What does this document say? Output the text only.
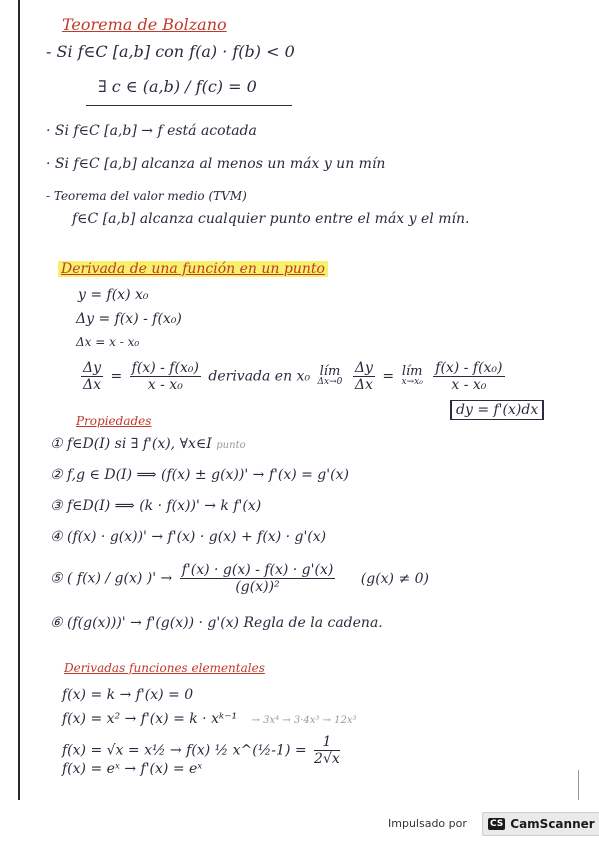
Teorema de Bolzano
- Si f∈C [a,b] con f(a) · f(b) < 0
∃ c ∈ (a,b) / f(c) = 0
· Si f∈C [a,b] → f está acotada
· Si f∈C [a,b] alcanza al menos un máx y un mín
- Teorema del valor medio (TVM)
f∈C [a,b] alcanza cualquier punto entre el máx y el mín.
Derivada de una función en un punto
y = f(x) x₀
Δy = f(x) - f(x₀)
Δx = x - x₀
$\frac{\Delta y}{\Delta x} = \frac{\text{f(x) - f(x₀)}}{\text{x - x₀}}$ derivada en x₀ lím
Δx→0
$\frac{\Delta y}{\Delta x}$ = lím
x→x₀
$\frac{\text{f(x) - f(x₀)}}{\text{x - x₀}}$
dy = f'(x)dx
Propiedades
① f∈D(I) si ∃ f'(x), ∀x∈I punto
② f,g ∈ D(I) ⟹ (f(x) ± g(x))' → f'(x) = g'(x)
③ f∈D(I) ⟹ (k · f(x))' → k f'(x)
④ (f(x) · g(x))' → f'(x) · g(x) + f(x) · g'(x)
⑤ ( f(x) / g(x) )' → $\frac{f'(x) \cdot g(x) - f(x) \cdot g'(x)}{\text{(g(x))²}} (g(x) \ne 0)$
⑥ (f(g(x)))' → f'(g(x)) · g'(x) Regla de la cadena.
Derivadas funciones elementales
f(x) = k → f'(x) = 0
f(x) = x² → f'(x) = k · xᵏ⁻¹ → 3x⁴ → 3·4x³ → 12x³
f(x) = √x = x½ → f(x) ½ x^(½-1) = $\frac{1}{2√x}$
f(x) = eˣ → f'(x) = eˣ
Impulsado por	CS CamScanner
